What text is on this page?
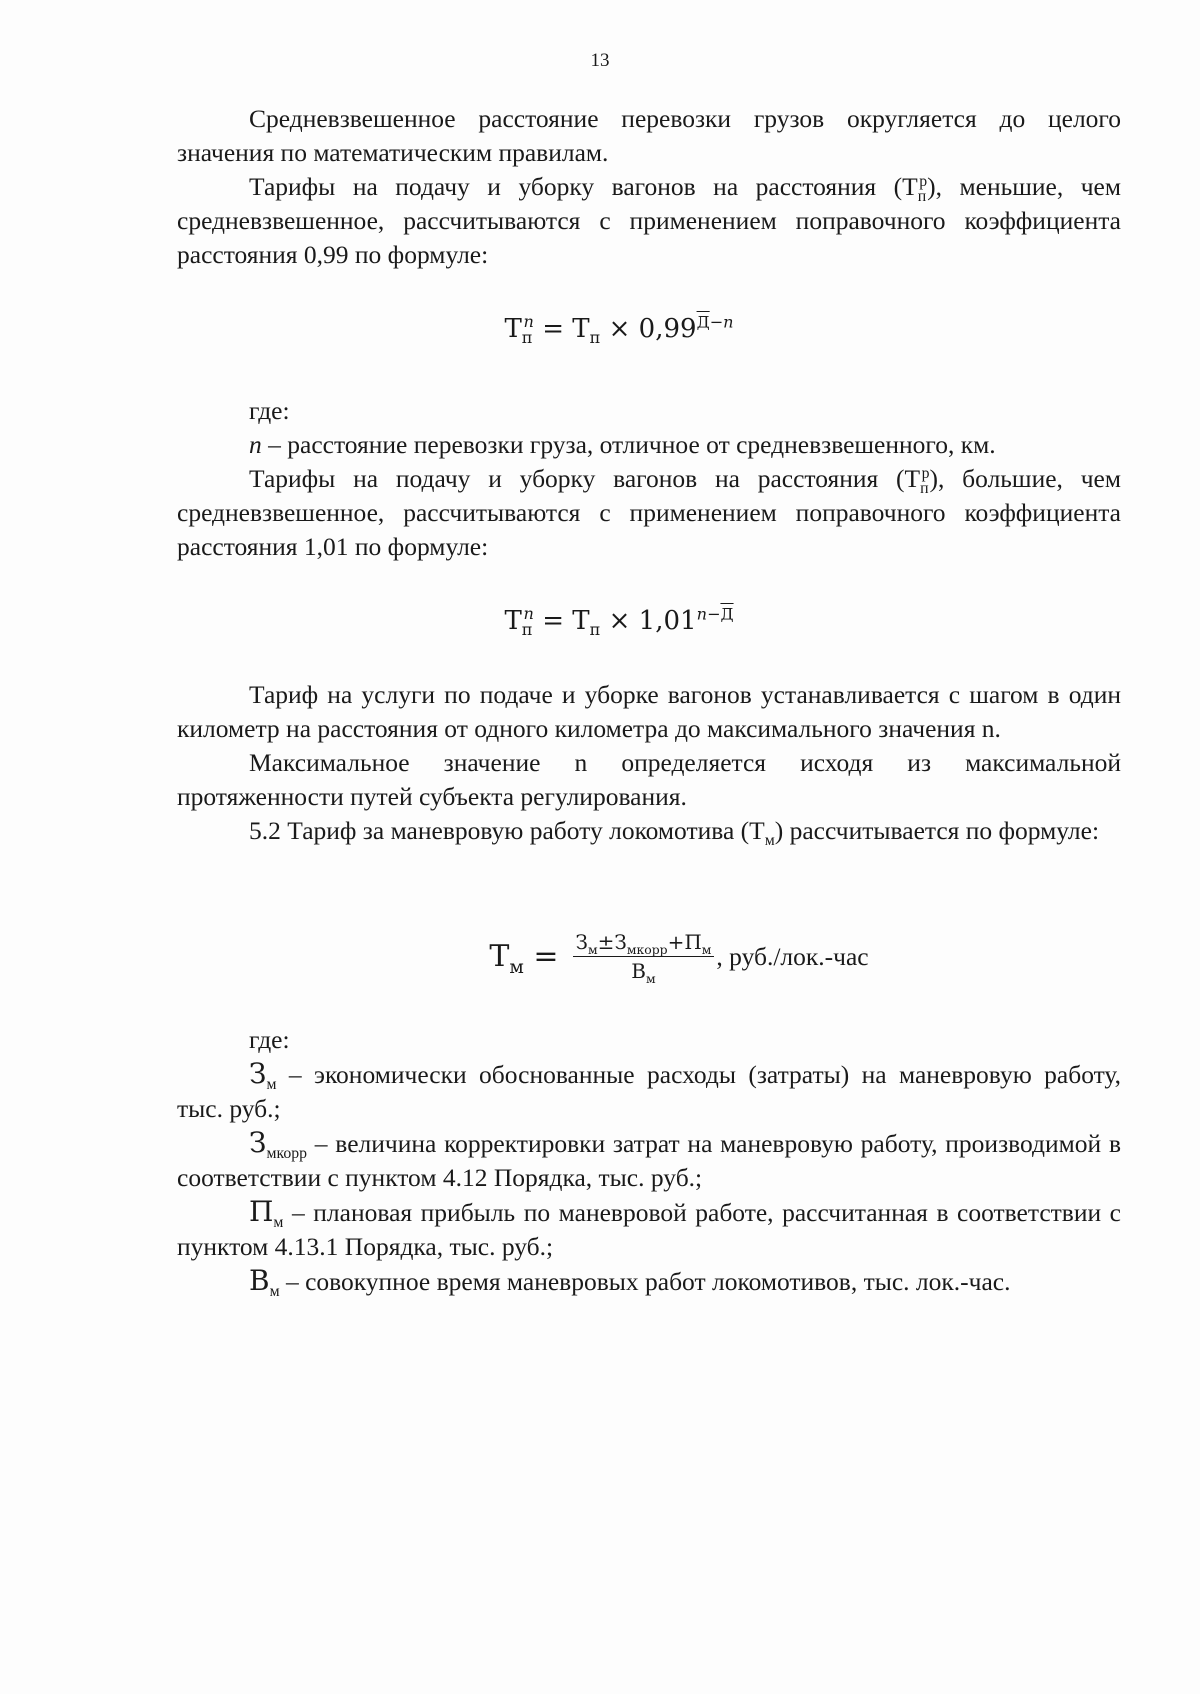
13

Средневзвешенное расстояние перевозки грузов округляется до целого значения по математическим правилам.

Тарифы на подачу и уборку вагонов на расстояния $(Т_п^р)$, меньшие, чем средневзвешенное, рассчитываются с применением поправочного коэффициента расстояния 0,99 по формуле:

$Т_п^n = Т_п \times 0,99^{Д-n}$

где:

n – расстояние перевозки груза, отличное от средневзвешенного, км.

Тарифы на подачу и уборку вагонов на расстояния $(Т_п^р)$, большие, чем средневзвешенное, рассчитываются с применением поправочного коэффициента расстояния 1,01 по формуле:

$Т_п^n = Т_п \times 1,01^{n-Д}$

Тариф на услуги по подаче и уборке вагонов устанавливается с шагом в один километр на расстояния от одного километра до максимального значения n.

Максимальное значение n определяется исходя из максимальной протяженности путей субъекта регулирования.

5.2 Тариф за маневровую работу локомотива $(Т_м)$ рассчитывается по формуле:

$Т_м = \frac{З_м\pm З_{мкорр}+П_м}{В_м}$ , руб./лок.-час

где:

$З_м$ – экономически обоснованные расходы (затраты) на маневровую работу, тыс. руб.;

$З_{мкорр}$ – величина корректировки затрат на маневровую работу, производимой в соответствии с пунктом 4.12 Порядка, тыс. руб.;

$П_м$ – плановая прибыль по маневровой работе, рассчитанная в соответствии с пунктом 4.13.1 Порядка, тыс. руб.;

$В_м$ – совокупное время маневровых работ локомотивов, тыс. лок.-час.
